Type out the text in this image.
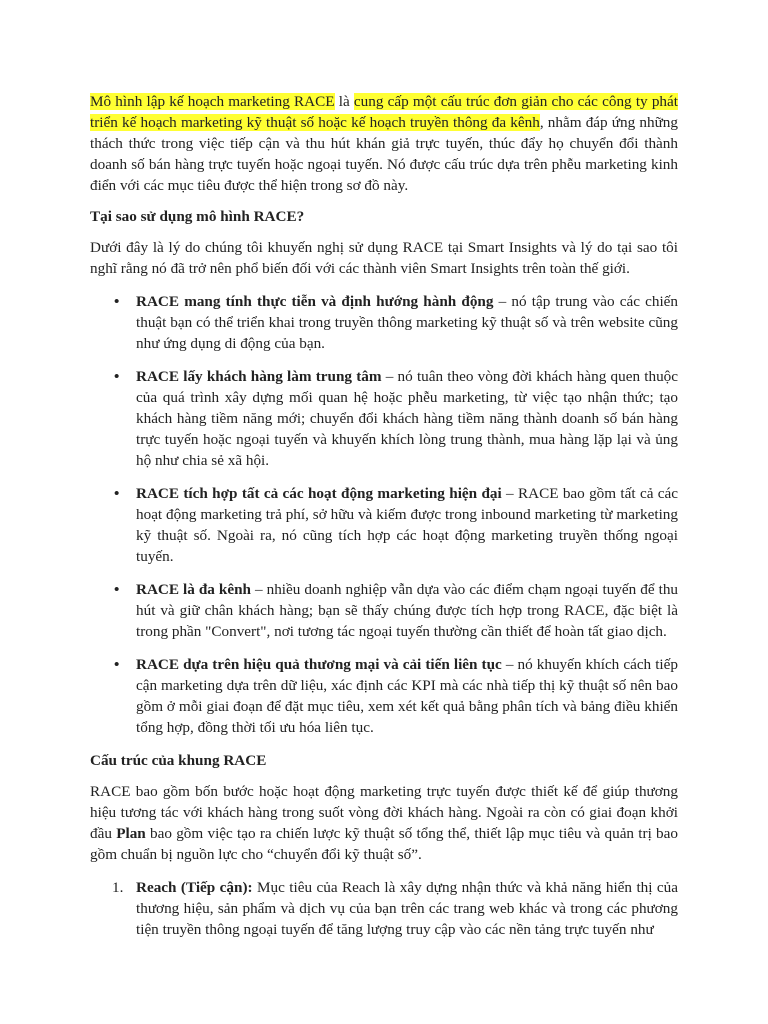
Mô hình lập kế hoạch marketing RACE là cung cấp một cấu trúc đơn giản cho các công ty phát triển kế hoạch marketing kỹ thuật số hoặc kế hoạch truyền thông đa kênh, nhằm đáp ứng những thách thức trong việc tiếp cận và thu hút khán giả trực tuyến, thúc đẩy họ chuyển đổi thành doanh số bán hàng trực tuyến hoặc ngoại tuyến. Nó được cấu trúc dựa trên phễu marketing kinh điển với các mục tiêu được thể hiện trong sơ đồ này.

Tại sao sử dụng mô hình RACE?

Dưới đây là lý do chúng tôi khuyến nghị sử dụng RACE tại Smart Insights và lý do tại sao tôi nghĩ rằng nó đã trở nên phổ biến đối với các thành viên Smart Insights trên toàn thế giới.

• RACE mang tính thực tiễn và định hướng hành động – nó tập trung vào các chiến thuật bạn có thể triển khai trong truyền thông marketing kỹ thuật số và trên website cũng như ứng dụng di động của bạn.
• RACE lấy khách hàng làm trung tâm – nó tuân theo vòng đời khách hàng quen thuộc của quá trình xây dựng mối quan hệ hoặc phễu marketing, từ việc tạo nhận thức; tạo khách hàng tiềm năng mới; chuyển đổi khách hàng tiềm năng thành doanh số bán hàng trực tuyến hoặc ngoại tuyến và khuyến khích lòng trung thành, mua hàng lặp lại và ủng hộ như chia sẻ xã hội.
• RACE tích hợp tất cả các hoạt động marketing hiện đại – RACE bao gồm tất cả các hoạt động marketing trả phí, sở hữu và kiếm được trong inbound marketing từ marketing kỹ thuật số. Ngoài ra, nó cũng tích hợp các hoạt động marketing truyền thống ngoại tuyến.
• RACE là đa kênh – nhiều doanh nghiệp vẫn dựa vào các điểm chạm ngoại tuyến để thu hút và giữ chân khách hàng; bạn sẽ thấy chúng được tích hợp trong RACE, đặc biệt là trong phần "Convert", nơi tương tác ngoại tuyến thường cần thiết để hoàn tất giao dịch.
• RACE dựa trên hiệu quả thương mại và cải tiến liên tục – nó khuyến khích cách tiếp cận marketing dựa trên dữ liệu, xác định các KPI mà các nhà tiếp thị kỹ thuật số nên bao gồm ở mỗi giai đoạn để đặt mục tiêu, xem xét kết quả bằng phân tích và bảng điều khiển tổng hợp, đồng thời tối ưu hóa liên tục.
Cấu trúc của khung RACE

RACE bao gồm bốn bước hoặc hoạt động marketing trực tuyến được thiết kế để giúp thương hiệu tương tác với khách hàng trong suốt vòng đời khách hàng. Ngoài ra còn có giai đoạn khởi đầu Plan bao gồm việc tạo ra chiến lược kỹ thuật số tổng thể, thiết lập mục tiêu và quản trị bao gồm chuẩn bị nguồn lực cho “chuyển đổi kỹ thuật số”.

1. Reach (Tiếp cận): Mục tiêu của Reach là xây dựng nhận thức và khả năng hiển thị của thương hiệu, sản phẩm và dịch vụ của bạn trên các trang web khác và trong các phương tiện truyền thông ngoại tuyến để tăng lượng truy cập vào các nền tảng trực tuyến như
